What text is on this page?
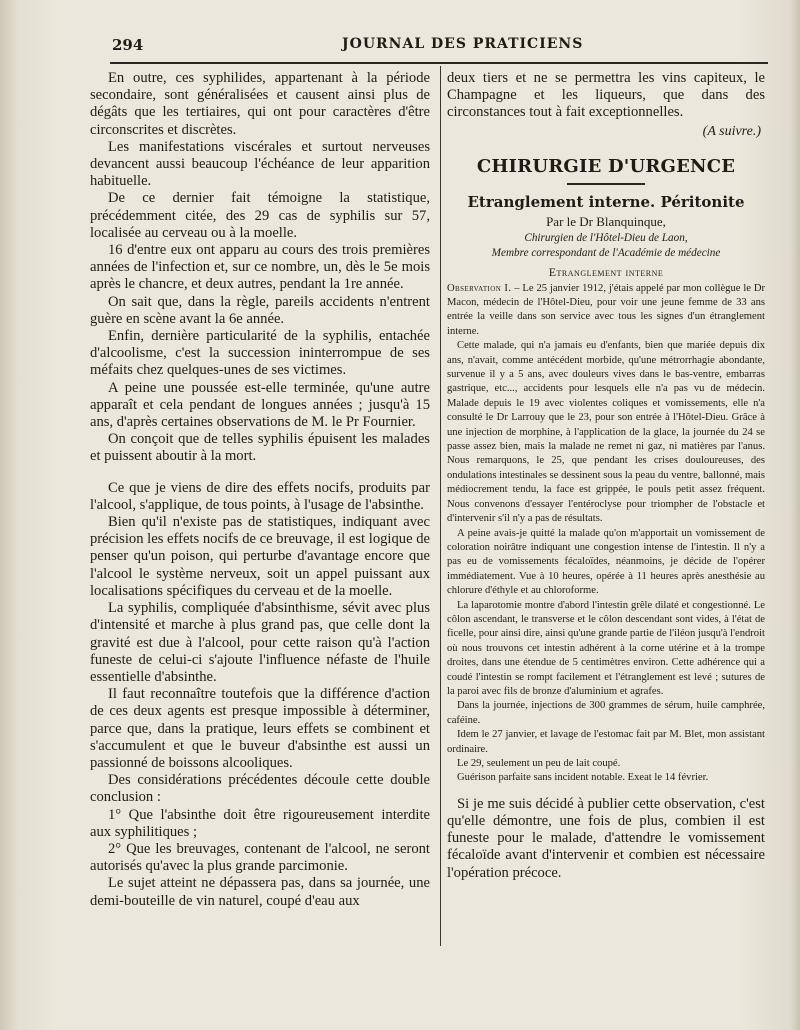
294	JOURNAL DES PRATICIENS

En outre, ces syphilides, appartenant à la période secondaire, sont généralisées et causent ainsi plus de dégâts que les tertiaires, qui ont pour caractères d'être circonscrites et discrètes.

Les manifestations viscérales et surtout nerveuses devancent aussi beaucoup l'échéance de leur apparition habituelle.

De ce dernier fait témoigne la statistique, précédemment citée, des 29 cas de syphilis sur 57, localisée au cerveau ou à la moelle.

16 d'entre eux ont apparu au cours des trois premières années de l'infection et, sur ce nombre, un, dès le 5e mois après le chancre, et deux autres, pendant la 1re année.

On sait que, dans la règle, pareils accidents n'entrent guère en scène avant la 6e année.

Enfin, dernière particularité de la syphilis, entachée d'alcoolisme, c'est la succession ininterrompue de ses méfaits chez quelques-unes de ses victimes.

A peine une poussée est-elle terminée, qu'une autre apparaît et cela pendant de longues années ; jusqu'à 15 ans, d'après certaines observations de M. le Pr Fournier.

On conçoit que de telles syphilis épuisent les malades et puissent aboutir à la mort.

Ce que je viens de dire des effets nocifs, produits par l'alcool, s'applique, de tous points, à l'usage de l'absinthe.

Bien qu'il n'existe pas de statistiques, indiquant avec précision les effets nocifs de ce breuvage, il est logique de penser qu'un poison, qui perturbe d'avantage encore que l'alcool le système nerveux, soit un appel puissant aux localisations spécifiques du cerveau et de la moelle.

La syphilis, compliquée d'absinthisme, sévit avec plus d'intensité et marche à plus grand pas, que celle dont la gravité est due à l'alcool, pour cette raison qu'à l'action funeste de celui-ci s'ajoute l'influence néfaste de l'huile essentielle d'absinthe.

Il faut reconnaître toutefois que la différence d'action de ces deux agents est presque impossible à déterminer, parce que, dans la pratique, leurs effets se combinent et s'accumulent et que le buveur d'absinthe est aussi un passionné de boissons alcooliques.

Des considérations précédentes découle cette double conclusion :

1° Que l'absinthe doit être rigoureusement interdite aux syphilitiques ;

2° Que les breuvages, contenant de l'alcool, ne seront autorisés qu'avec la plus grande parcimonie.

Le sujet atteint ne dépassera pas, dans sa journée, une demi-bouteille de vin naturel, coupé d'eau aux

deux tiers et ne se permettra les vins capiteux, le Champagne et les liqueurs, que dans des circonstances tout à fait exceptionnelles.

(A suivre.)

CHIRURGIE D'URGENCE
Etranglement interne. Péritonite

Par le Dr Blanquinque,

Chirurgien de l'Hôtel-Dieu de Laon,

Membre correspondant de l'Académie de médecine

Etranglement interne

Observation I. – Le 25 janvier 1912, j'étais appelé par mon collègue le Dr Macon, médecin de l'Hôtel-Dieu, pour voir une jeune femme de 33 ans entrée la veille dans son service avec tous les signes d'un étranglement interne.

Cette malade, qui n'a jamais eu d'enfants, bien que mariée depuis dix ans, n'avait, comme antécédent morbide, qu'une métrorrhagie abondante, survenue il y a 5 ans, avec douleurs vives dans le bas-ventre, embarras gastrique, etc..., accidents pour lesquels elle n'a pas vu de médecin. Malade depuis le 19 avec violentes coliques et vomissements, elle n'a consulté le Dr Larrouy que le 23, pour son entrée à l'Hôtel-Dieu. Grâce à une injection de morphine, à l'application de la glace, la journée du 24 se passe assez bien, mais la malade ne remet ni gaz, ni matières par l'anus. Nous remarquons, le 25, que pendant les crises douloureuses, des ondulations intestinales se dessinent sous la peau du ventre, ballonné, mais médiocrement tendu, la face est grippée, le pouls petit assez fréquent. Nous convenons d'essayer l'entéroclyse pour triompher de l'obstacle et d'intervenir s'il n'y a pas de résultats.

A peine avais-je quitté la malade qu'on m'apportait un vomissement de coloration noirâtre indiquant une congestion intense de l'intestin. Il n'y a pas eu de vomissements fécaloïdes, néanmoins, je décide de l'opérer immédiatement. Vue à 10 heures, opérée à 11 heures après anesthésie au chlorure d'éthyle et au chloroforme.

La laparotomie montre d'abord l'intestin grêle dilaté et congestionné. Le côlon ascendant, le transverse et le côlon descendant sont vides, à l'état de ficelle, pour ainsi dire, ainsi qu'une grande partie de l'iléon jusqu'à l'endroit où nous trouvons cet intestin adhérent à la corne utérine et à la trompe droites, dans une étendue de 5 centimètres environ. Cette adhérence qui a coudé l'intestin se rompt facilement et l'étranglement est levé ; sutures de la paroi avec fils de bronze d'aluminium et agrafes.

Dans la journée, injections de 300 grammes de sérum, huile camphrée, caféine.

Idem le 27 janvier, et lavage de l'estomac fait par M. Blet, mon assistant ordinaire.

Le 29, seulement un peu de lait coupé.

Guérison parfaite sans incident notable. Exeat le 14 février.

Si je me suis décidé à publier cette observation, c'est qu'elle démontre, une fois de plus, combien il est funeste pour le malade, d'attendre le vomissement fécaloïde avant d'intervenir et combien est nécessaire l'opération précoce.
